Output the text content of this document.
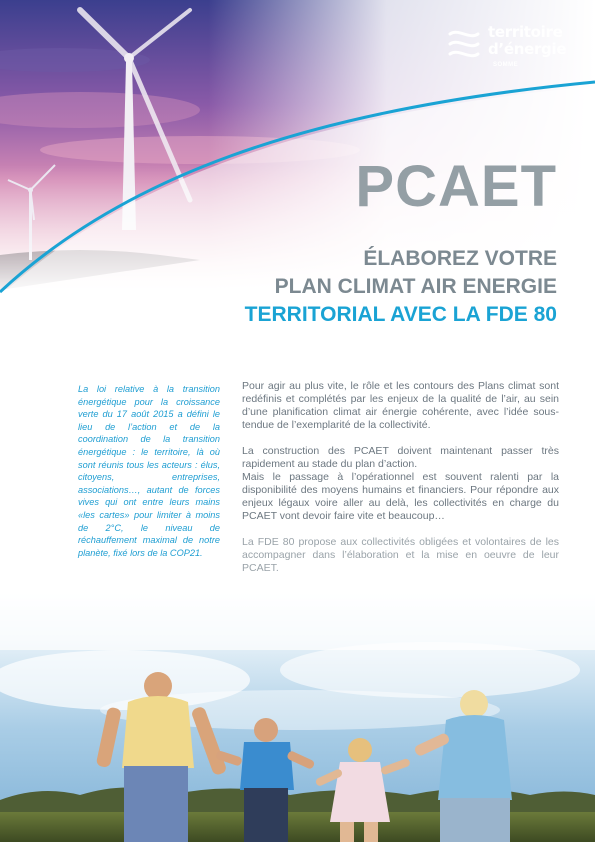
territoire
d’énergie
SOMME
PCAET
ÉLABOREZ VOTRE
PLAN CLIMAT AIR ENERGIE
TERRITORIAL AVEC LA FDE 80

La loi relative à la transition énergétique pour la croissance verte du 17 août 2015 a défini le lieu de l’action et de la coordination de la transition énergétique : le territoire, là où sont réunis tous les acteurs : élus, citoyens, entreprises, associations…, autant de forces vives qui ont entre leurs mains «les cartes» pour limiter à moins de 2°C, le niveau de réchauffement maximal de notre planète, fixé lors de la COP21.

Pour agir au plus vite, le rôle et les contours des Plans climat sont redéfinis et complétés par les enjeux de la qualité de l’air, au sein d’une planification climat air énergie cohérente, avec l’idée sous-tendue de l’exemplarité de la collectivité.

La construction des PCAET doivent maintenant passer très rapidement au stade du plan d’action.

Mais le passage à l’opérationnel est souvent ralenti par la disponibilité des moyens humains et financiers. Pour répondre aux enjeux légaux voire aller au delà, les collectivités en charge du PCAET vont devoir faire vite et beaucoup…

La FDE 80 propose aux collectivités obligées et volontaires de les accompagner dans l’élaboration et la mise en oeuvre de leur PCAET.
